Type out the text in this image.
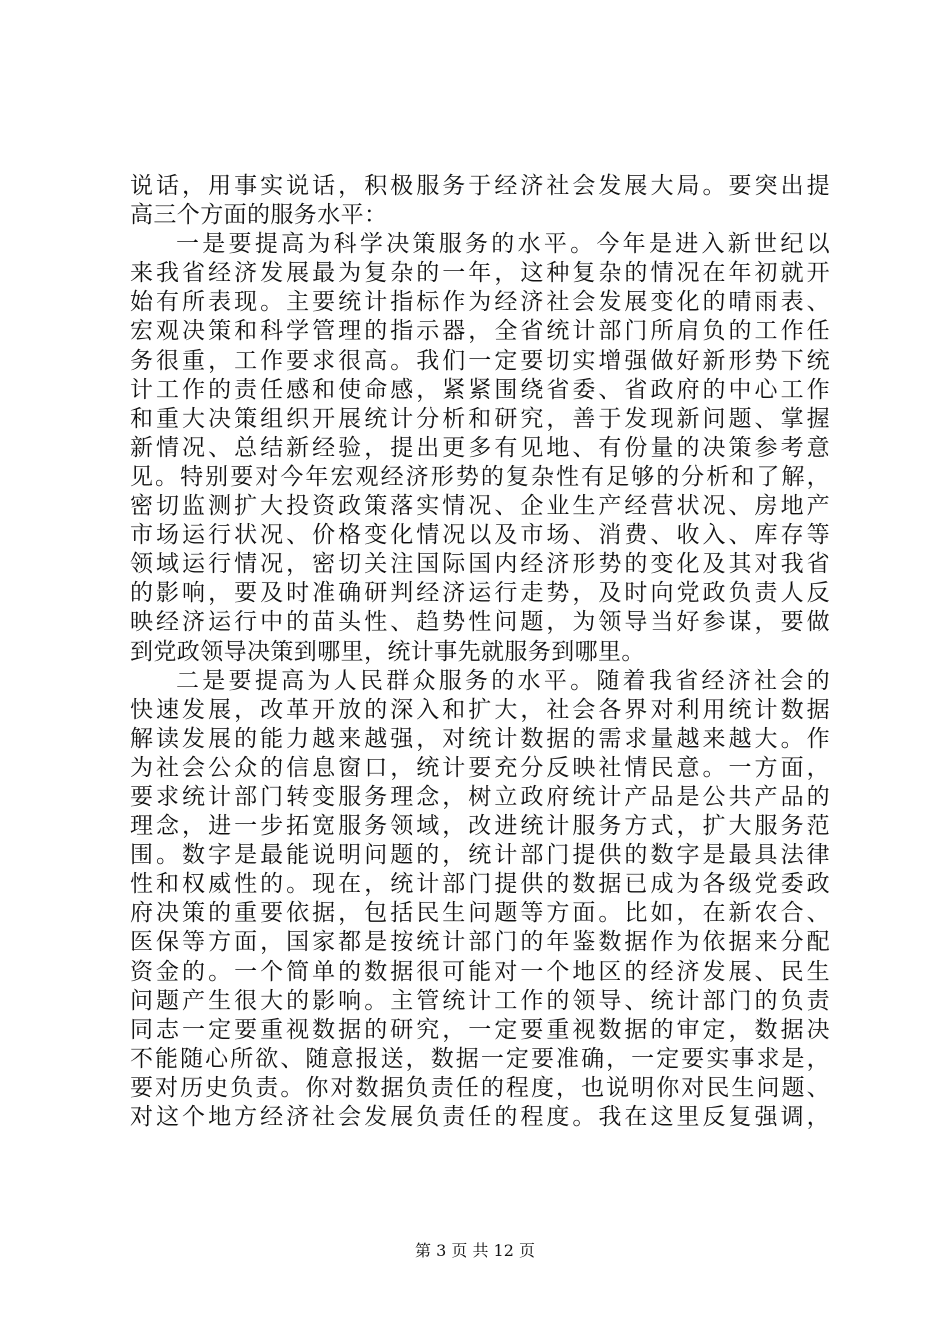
说话，用事实说话，积极服务于经济社会发展大局。要突出提
高三个方面的服务水平：
一是要提高为科学决策服务的水平。今年是进入新世纪以
来我省经济发展最为复杂的一年，这种复杂的情况在年初就开
始有所表现。主要统计指标作为经济社会发展变化的晴雨表、
宏观决策和科学管理的指示器，全省统计部门所肩负的工作任
务很重，工作要求很高。我们一定要切实增强做好新形势下统
计工作的责任感和使命感，紧紧围绕省委、省政府的中心工作
和重大决策组织开展统计分析和研究，善于发现新问题、掌握
新情况、总结新经验，提出更多有见地、有份量的决策参考意
见。特别要对今年宏观经济形势的复杂性有足够的分析和了解，
密切监测扩大投资政策落实情况、企业生产经营状况、房地产
市场运行状况、价格变化情况以及市场、消费、收入、库存等
领域运行情况，密切关注国际国内经济形势的变化及其对我省
的影响，要及时准确研判经济运行走势，及时向党政负责人反
映经济运行中的苗头性、趋势性问题，为领导当好参谋，要做
到党政领导决策到哪里，统计事先就服务到哪里。
二是要提高为人民群众服务的水平。随着我省经济社会的
快速发展，改革开放的深入和扩大，社会各界对利用统计数据
解读发展的能力越来越强，对统计数据的需求量越来越大。作
为社会公众的信息窗口，统计要充分反映社情民意。一方面，
要求统计部门转变服务理念，树立政府统计产品是公共产品的
理念，进一步拓宽服务领域，改进统计服务方式，扩大服务范
围。数字是最能说明问题的，统计部门提供的数字是最具法律
性和权威性的。现在，统计部门提供的数据已成为各级党委政
府决策的重要依据，包括民生问题等方面。比如，在新农合、
医保等方面，国家都是按统计部门的年鉴数据作为依据来分配
资金的。一个简单的数据很可能对一个地区的经济发展、民生
问题产生很大的影响。主管统计工作的领导、统计部门的负责
同志一定要重视数据的研究，一定要重视数据的审定，数据决
不能随心所欲、随意报送，数据一定要准确，一定要实事求是，
要对历史负责。你对数据负责任的程度，也说明你对民生问题、
对这个地方经济社会发展负责任的程度。我在这里反复强调，
第 3 页 共 12 页
